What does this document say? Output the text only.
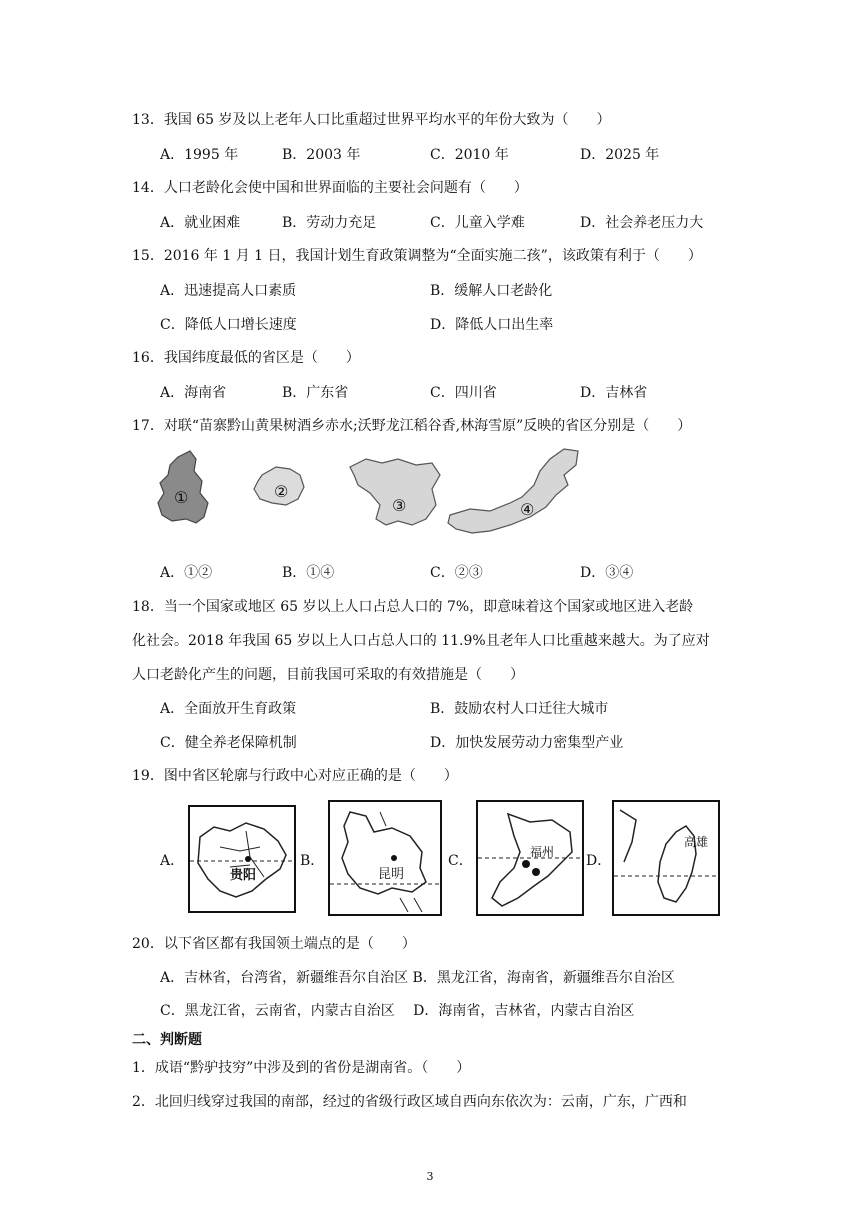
13．我国 65 岁及以上老年人口比重超过世界平均水平的年份大致为（　　）
A．1995 年	B．2003 年	C．2010 年	D．2025 年
14．人口老龄化会使中国和世界面临的主要社会问题有（　　）
A．就业困难	B．劳动力充足	C．儿童入学难	D．社会养老压力大
15．2016 年 1 月 1 日，我国计划生育政策调整为“全面实施二孩”，该政策有利于（　　）
A．迅速提高人口素质	B．缓解人口老龄化
C．降低人口增长速度	D．降低人口出生率
16．我国纬度最低的省区是（　　）
A．海南省	B．广东省	C．四川省	D．吉林省
17．对联“苗寨黔山黄果树酒乡赤水;沃野龙江稻谷香,林海雪原”反映的省区分别是（　　）
①	②
③	④
A．①②	B．①④	C．②③	D．③④
18．当一个国家或地区 65 岁以上人口占总人口的 7%，即意味着这个国家或地区进入老龄
化社会。2018 年我国 65 岁以上人口占总人口的 11.9%且老年人口比重越来越大。为了应对
人口老龄化产生的问题，目前我国可采取的有效措施是（　　）
A．全面放开生育政策	B．鼓励农村人口迁往大城市
C．健全养老保障机制	D．加快发展劳动力密集型产业
19．图中省区轮廓与行政中心对应正确的是（　　）
A．
贵阳
B．
昆明
C．
福州
D．
高雄
20．以下省区都有我国领土端点的是（　　）
A．吉林省，台湾省，新疆维吾尔自治区 B．黑龙江省，海南省，新疆维吾尔自治区
C．黑龙江省，云南省，内蒙古自治区　 D．海南省，吉林省，内蒙古自治区
二、判断题
1．成语“黔驴技穷”中涉及到的省份是湖南省。（　　）
2．北回归线穿过我国的南部，经过的省级行政区域自西向东依次为：云南，广东，广西和
3
